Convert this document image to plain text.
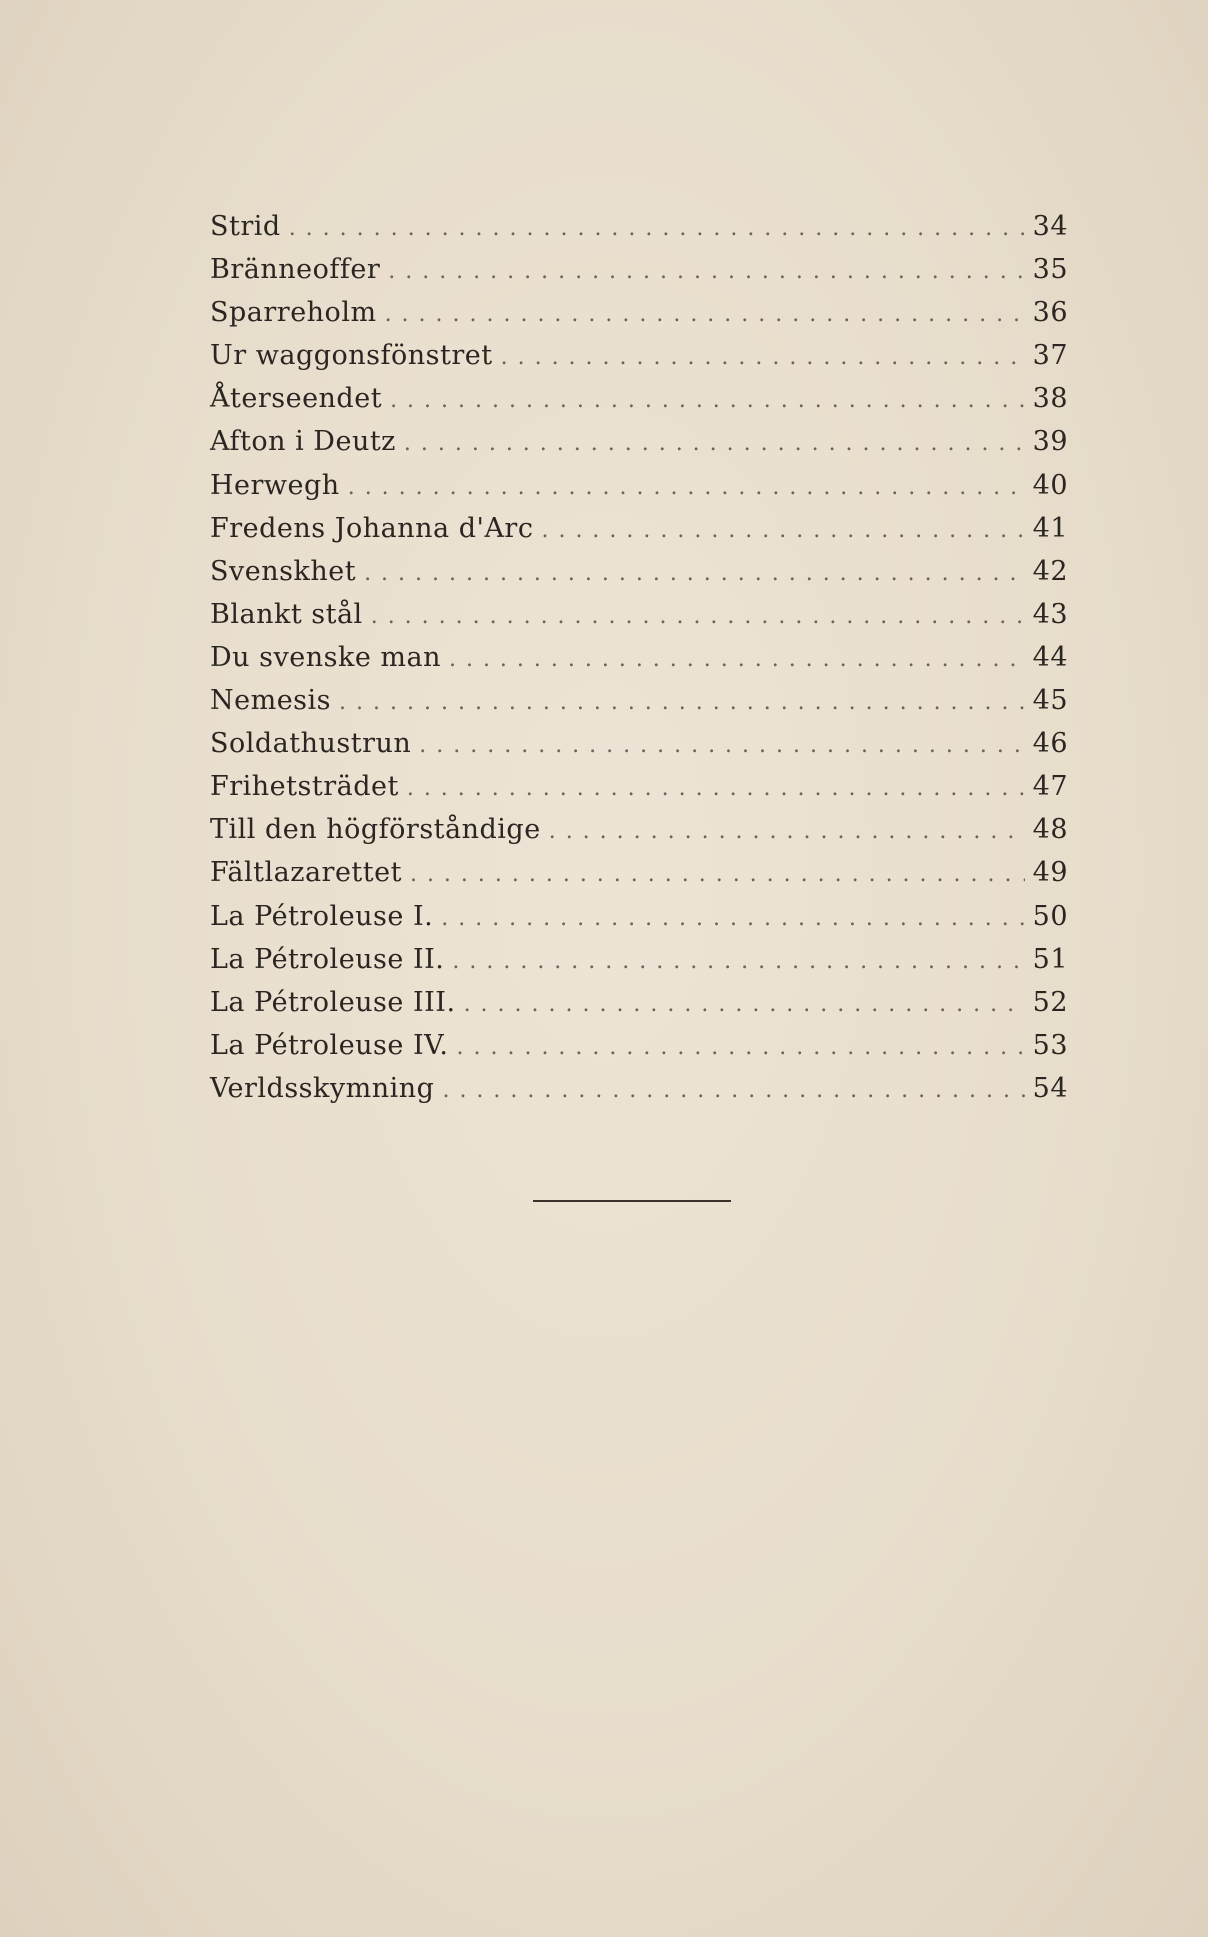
Strid . . .	34
Bränneoffer . . .	35
Sparreholm . . .	36
Ur waggonsfönstret . . .	37
Återseendet . . .	38
Afton i Deutz . . .	39
Herwegh . . .	40
Fredens Johanna d'Arc . . .	41
Svenskhet . . .	42
Blankt stål . . .	43
Du svenske man . . .	44
Nemesis . . .	45
Soldathustrun . . .	46
Frihetsträdet . . .	47
Till den högförståndige . . .	48
Fältlazarettet . . .	49
La Pétroleuse I. . . .	50
La Pétroleuse II. . . .	51
La Pétroleuse III. . . .	52
La Pétroleuse IV. . . .	53
Verldsskymning . . .	54
